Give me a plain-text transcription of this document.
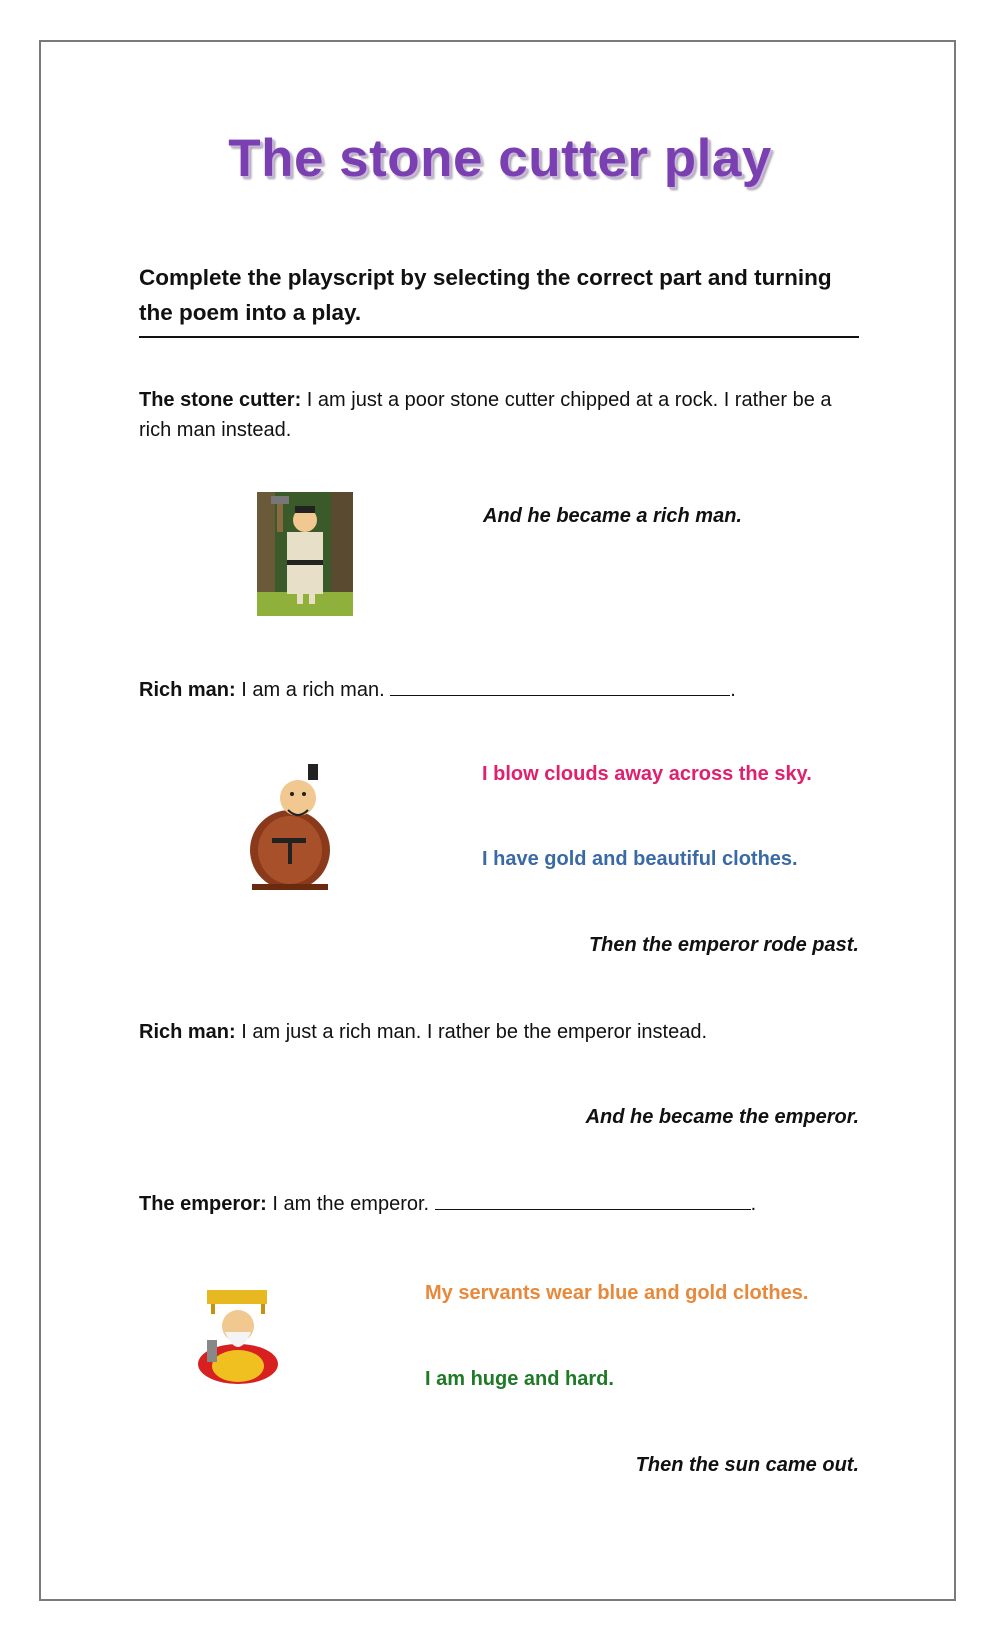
The stone cutter play
Complete the playscript by selecting the correct part and turning the poem into a play.
The stone cutter: I am just a poor stone cutter chipped at a rock. I rather be a rich man instead.
And he became a rich man.
Rich man: I am a rich man.	.
I blow clouds away across the sky.
I have gold and beautiful clothes.
Then the emperor rode past.
Rich man: I am just a rich man. I rather be the emperor instead.
And he became the emperor.
The emperor: I am the emperor.	.
My servants wear blue and gold clothes.
I am huge and hard.
Then the sun came out.
